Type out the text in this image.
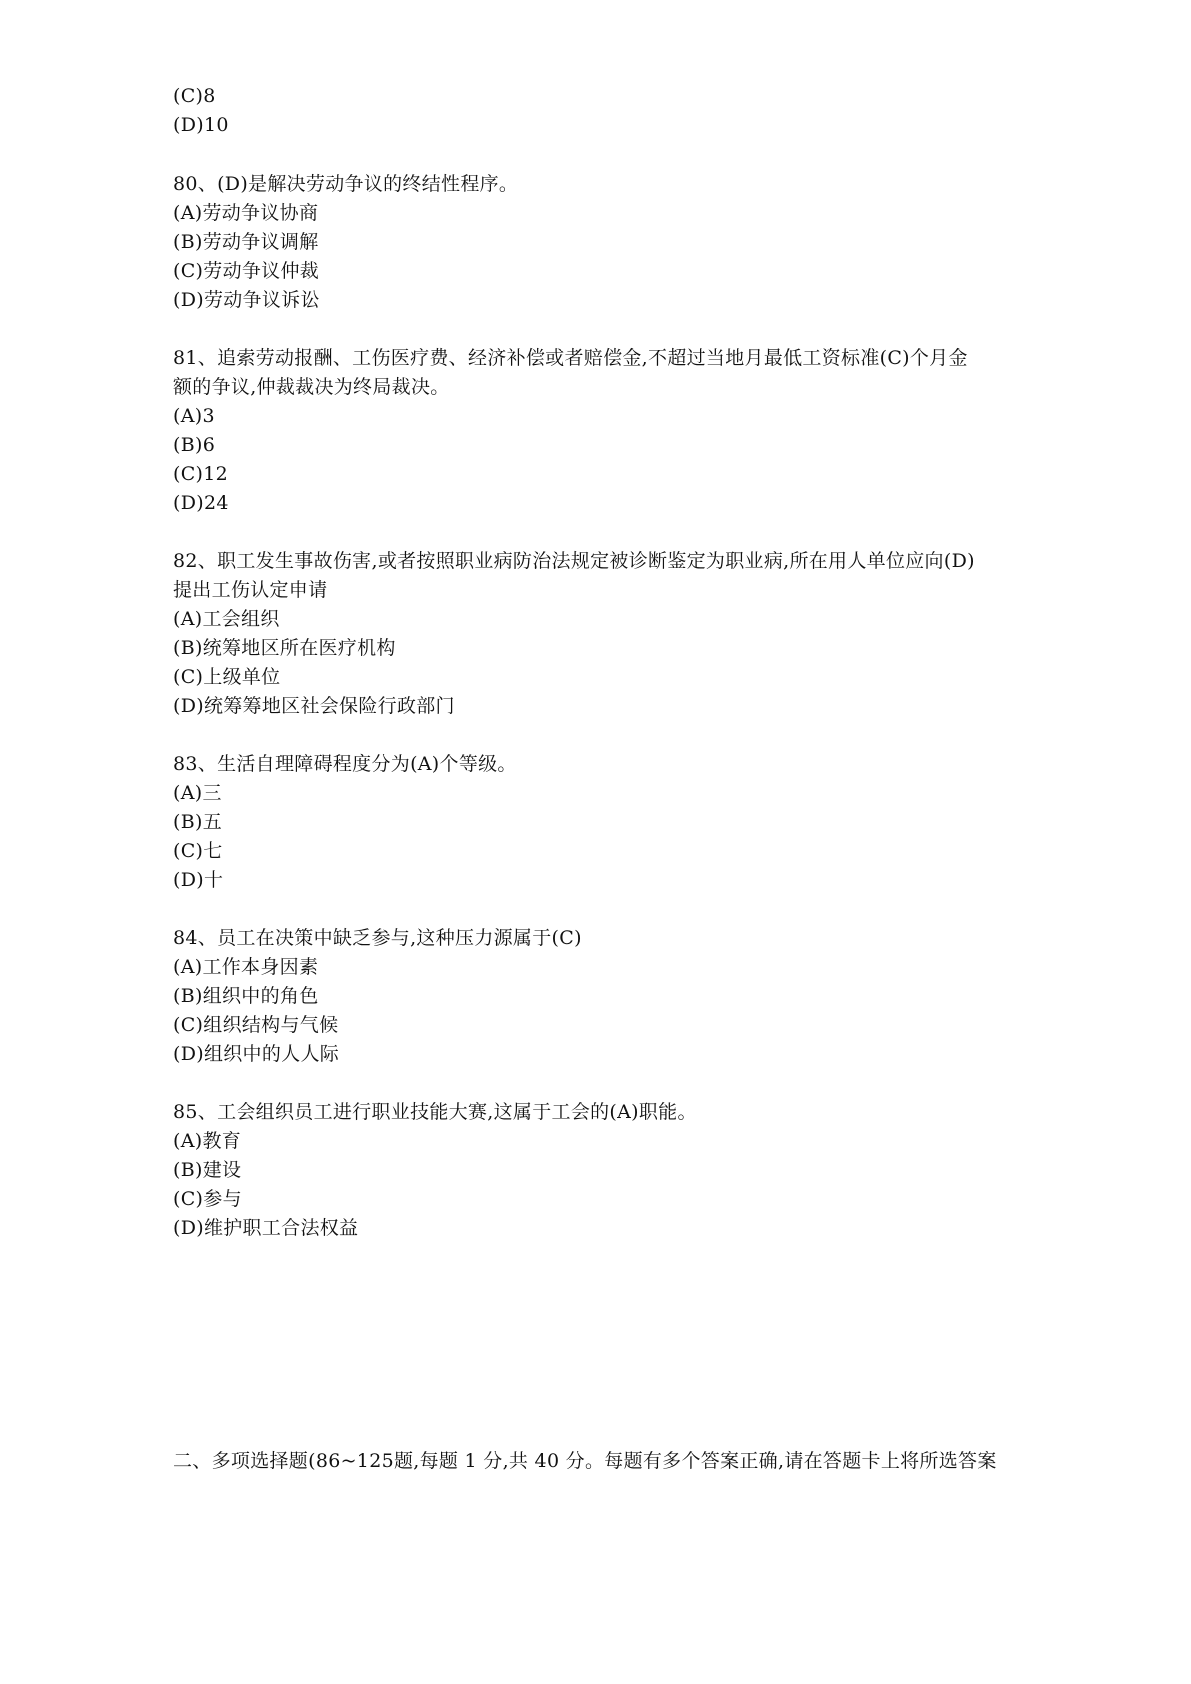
(C)8
(D)10
80、(D)是解决劳动争议的终结性程序。
(A)劳动争议协商
(B)劳动争议调解
(C)劳动争议仲裁
(D)劳动争议诉讼
81、追索劳动报酬、工伤医疗费、经济补偿或者赔偿金,不超过当地月最低工资标准(C)个月金
额的争议,仲裁裁决为终局裁决。
(A)3
(B)6
(C)12
(D)24
82、职工发生事故伤害,或者按照职业病防治法规定被诊断鉴定为职业病,所在用人单位应向(D)
提出工伤认定申请
(A)工会组织
(B)统筹地区所在医疗机构
(C)上级单位
(D)统筹筹地区社会保险行政部门
83、生活自理障碍程度分为(A)个等级。
(A)三
(B)五
(C)七
(D)十
84、员工在决策中缺乏参与,这种压力源属于(C)
(A)工作本身因素
(B)组织中的角色
(C)组织结构与气候
(D)组织中的人人际
85、工会组织员工进行职业技能大赛,这属于工会的(A)职能。
(A)教育
(B)建设
(C)参与
(D)维护职工合法权益
二、多项选择题(86~125题,每题 1 分,共 40 分。每题有多个答案正确,请在答题卡上将所选答案
